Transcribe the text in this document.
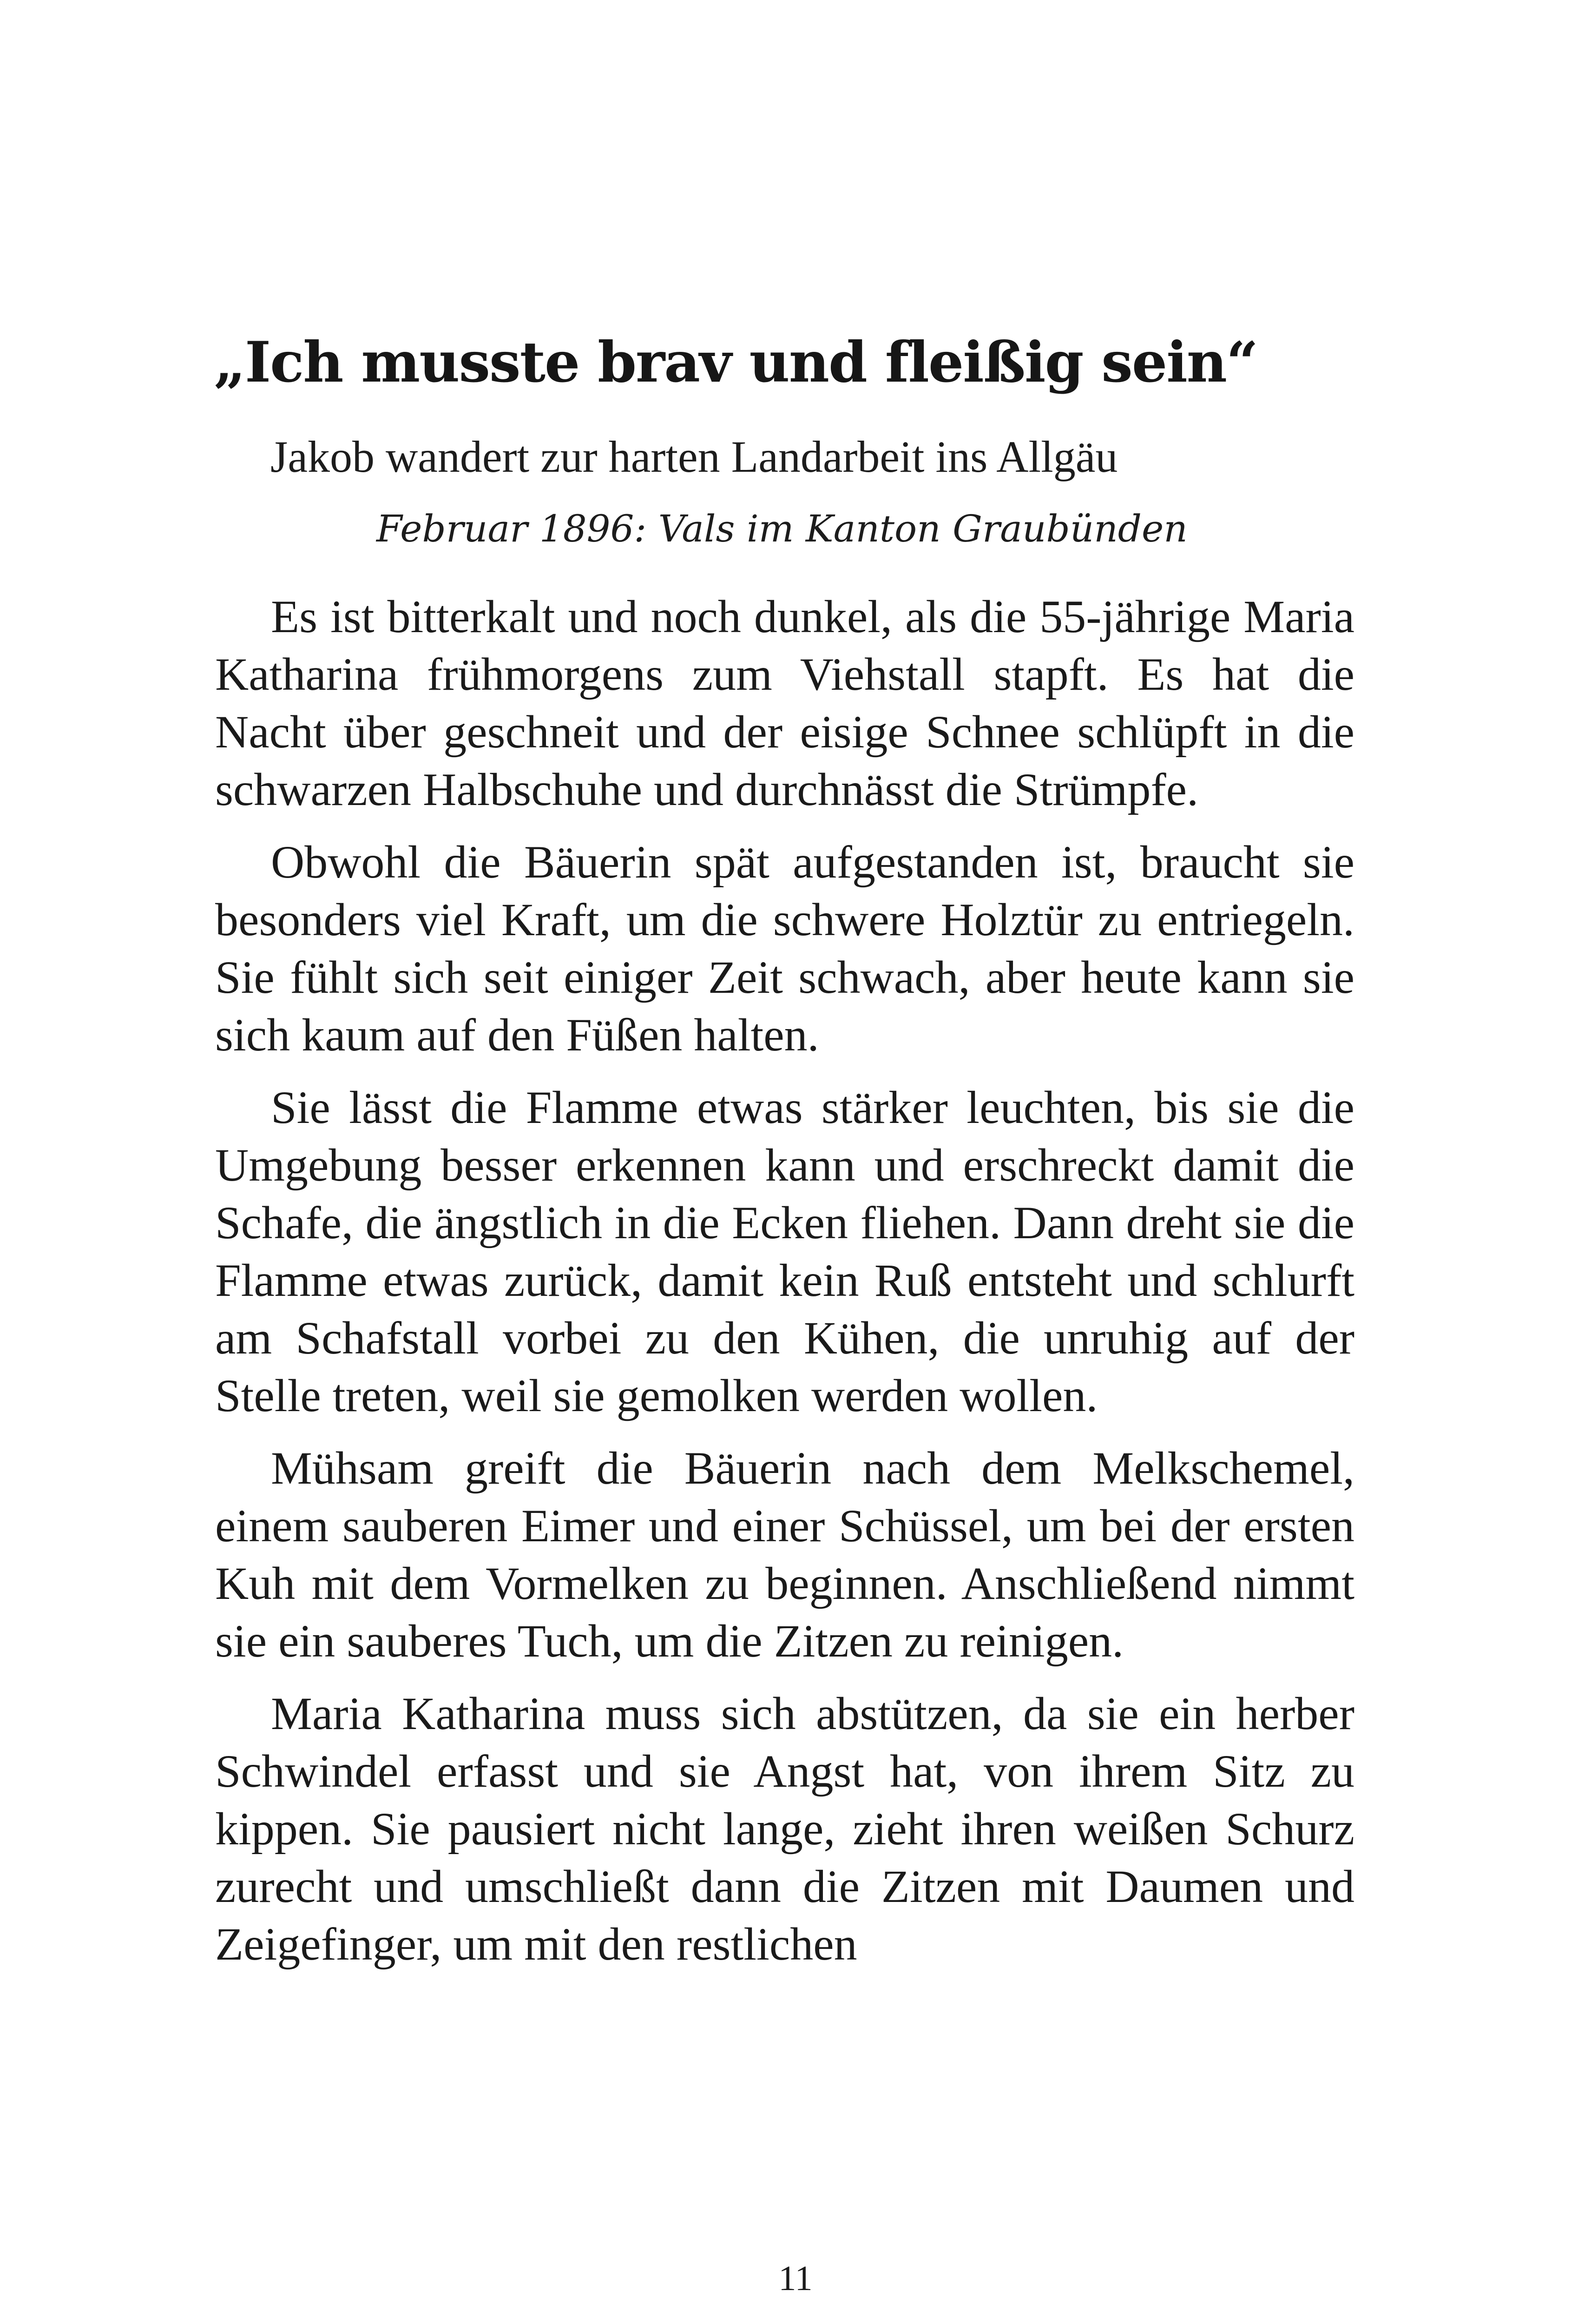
„Ich musste brav und fleißig sein“
Jakob wandert zur harten Landarbeit ins Allgäu
Februar 1896: Vals im Kanton Graubünden

Es ist bitterkalt und noch dunkel, als die 55-jährige Maria Katharina frühmorgens zum Viehstall stapft. Es hat die Nacht über geschneit und der eisige Schnee schlüpft in die schwarzen Halbschuhe und durchnässt die Strümpfe.

Obwohl die Bäuerin spät aufgestanden ist, braucht sie besonders viel Kraft, um die schwere Holztür zu entriegeln. Sie fühlt sich seit einiger Zeit schwach, aber heute kann sie sich kaum auf den Füßen halten.

Sie lässt die Flamme etwas stärker leuchten, bis sie die Umgebung besser erkennen kann und erschreckt damit die Schafe, die ängstlich in die Ecken fliehen. Dann dreht sie die Flamme etwas zurück, damit kein Ruß entsteht und schlurft am Schafstall vorbei zu den Kühen, die unruhig auf der Stelle treten, weil sie gemolken werden wollen.

Mühsam greift die Bäuerin nach dem Melkschemel, einem sauberen Eimer und einer Schüssel, um bei der ersten Kuh mit dem Vormelken zu beginnen. Anschließend nimmt sie ein sauberes Tuch, um die Zitzen zu reinigen.

Maria Katharina muss sich abstützen, da sie ein herber Schwindel erfasst und sie Angst hat, von ihrem Sitz zu kippen. Sie pausiert nicht lange, zieht ihren weißen Schurz zurecht und umschließt dann die Zitzen mit Daumen und Zeigefinger, um mit den restlichen

11
